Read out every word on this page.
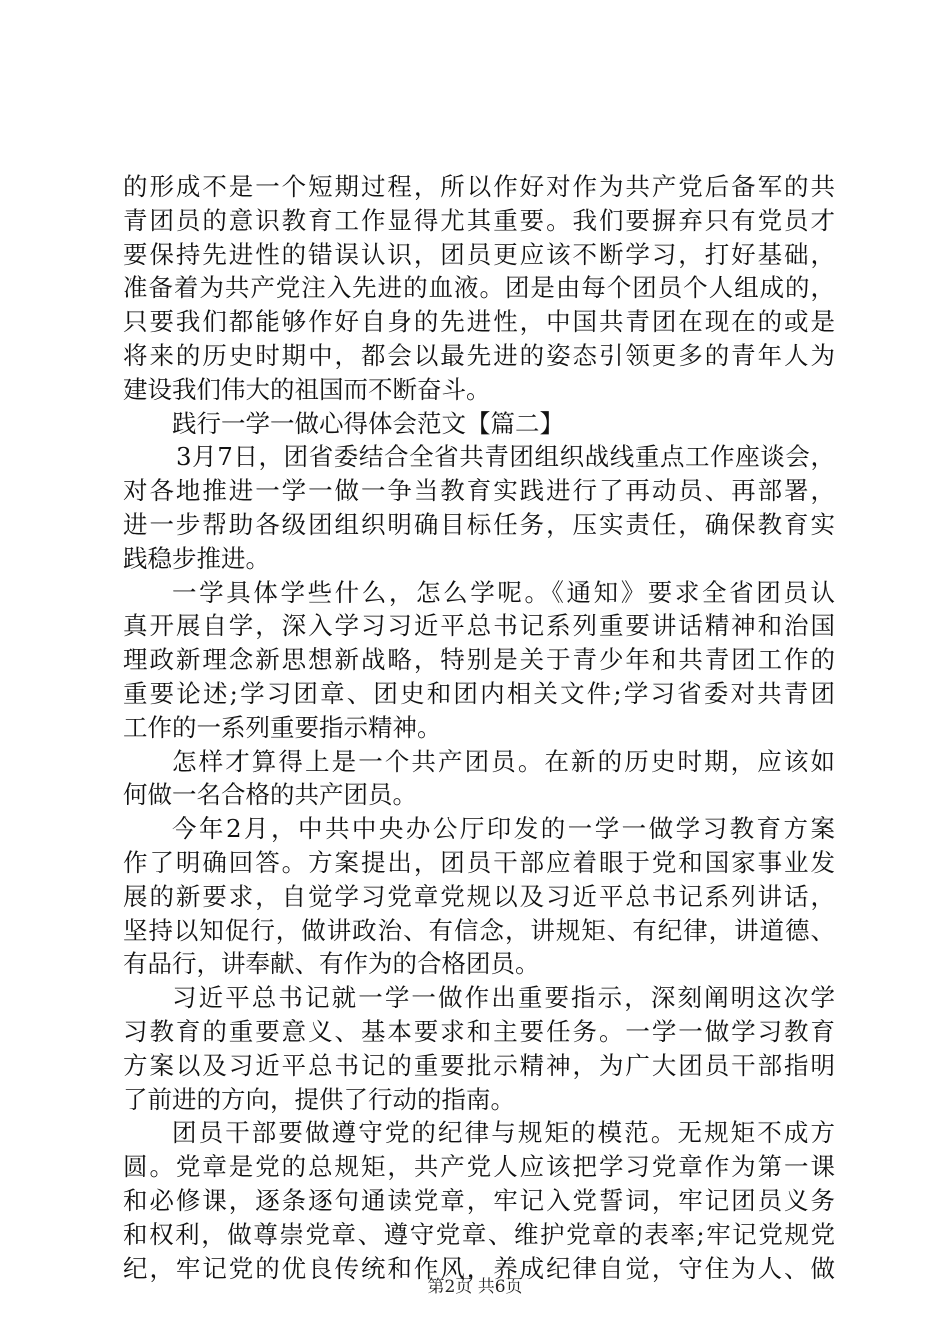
的形成不是一个短期过程，所以作好对作为共产党后备军的共
青团员的意识教育工作显得尤其重要。我们要摒弃只有党员才
要保持先进性的错误认识，团员更应该不断学习，打好基础，
准备着为共产党注入先进的血液。团是由每个团员个人组成的，
只要我们都能够作好自身的先进性，中国共青团在现在的或是
将来的历史时期中，都会以最先进的姿态引领更多的青年人为
建设我们伟大的祖国而不断奋斗。
践行一学一做心得体会范文【篇二】
3月7日，团省委结合全省共青团组织战线重点工作座谈会，
对各地推进一学一做一争当教育实践进行了再动员、再部署，
进一步帮助各级团组织明确目标任务，压实责任，确保教育实
践稳步推进。
一学具体学些什么，怎么学呢。《通知》要求全省团员认
真开展自学，深入学习习近平总书记系列重要讲话精神和治国
理政新理念新思想新战略，特别是关于青少年和共青团工作的
重要论述;学习团章、团史和团内相关文件;学习省委对共青团
工作的一系列重要指示精神。
怎样才算得上是一个共产团员。在新的历史时期，应该如
何做一名合格的共产团员。
今年2月，中共中央办公厅印发的一学一做学习教育方案
作了明确回答。方案提出，团员干部应着眼于党和国家事业发
展的新要求，自觉学习党章党规以及习近平总书记系列讲话，
坚持以知促行，做讲政治、有信念，讲规矩、有纪律，讲道德、
有品行，讲奉献、有作为的合格团员。
习近平总书记就一学一做作出重要指示，深刻阐明这次学
习教育的重要意义、基本要求和主要任务。一学一做学习教育
方案以及习近平总书记的重要批示精神，为广大团员干部指明
了前进的方向，提供了行动的指南。
团员干部要做遵守党的纪律与规矩的模范。无规矩不成方
圆。党章是党的总规矩，共产党人应该把学习党章作为第一课
和必修课，逐条逐句通读党章，牢记入党誓词，牢记团员义务
和权利，做尊崇党章、遵守党章、维护党章的表率;牢记党规党
纪，牢记党的优良传统和作风，养成纪律自觉，守住为人、做
第2页 共6页
